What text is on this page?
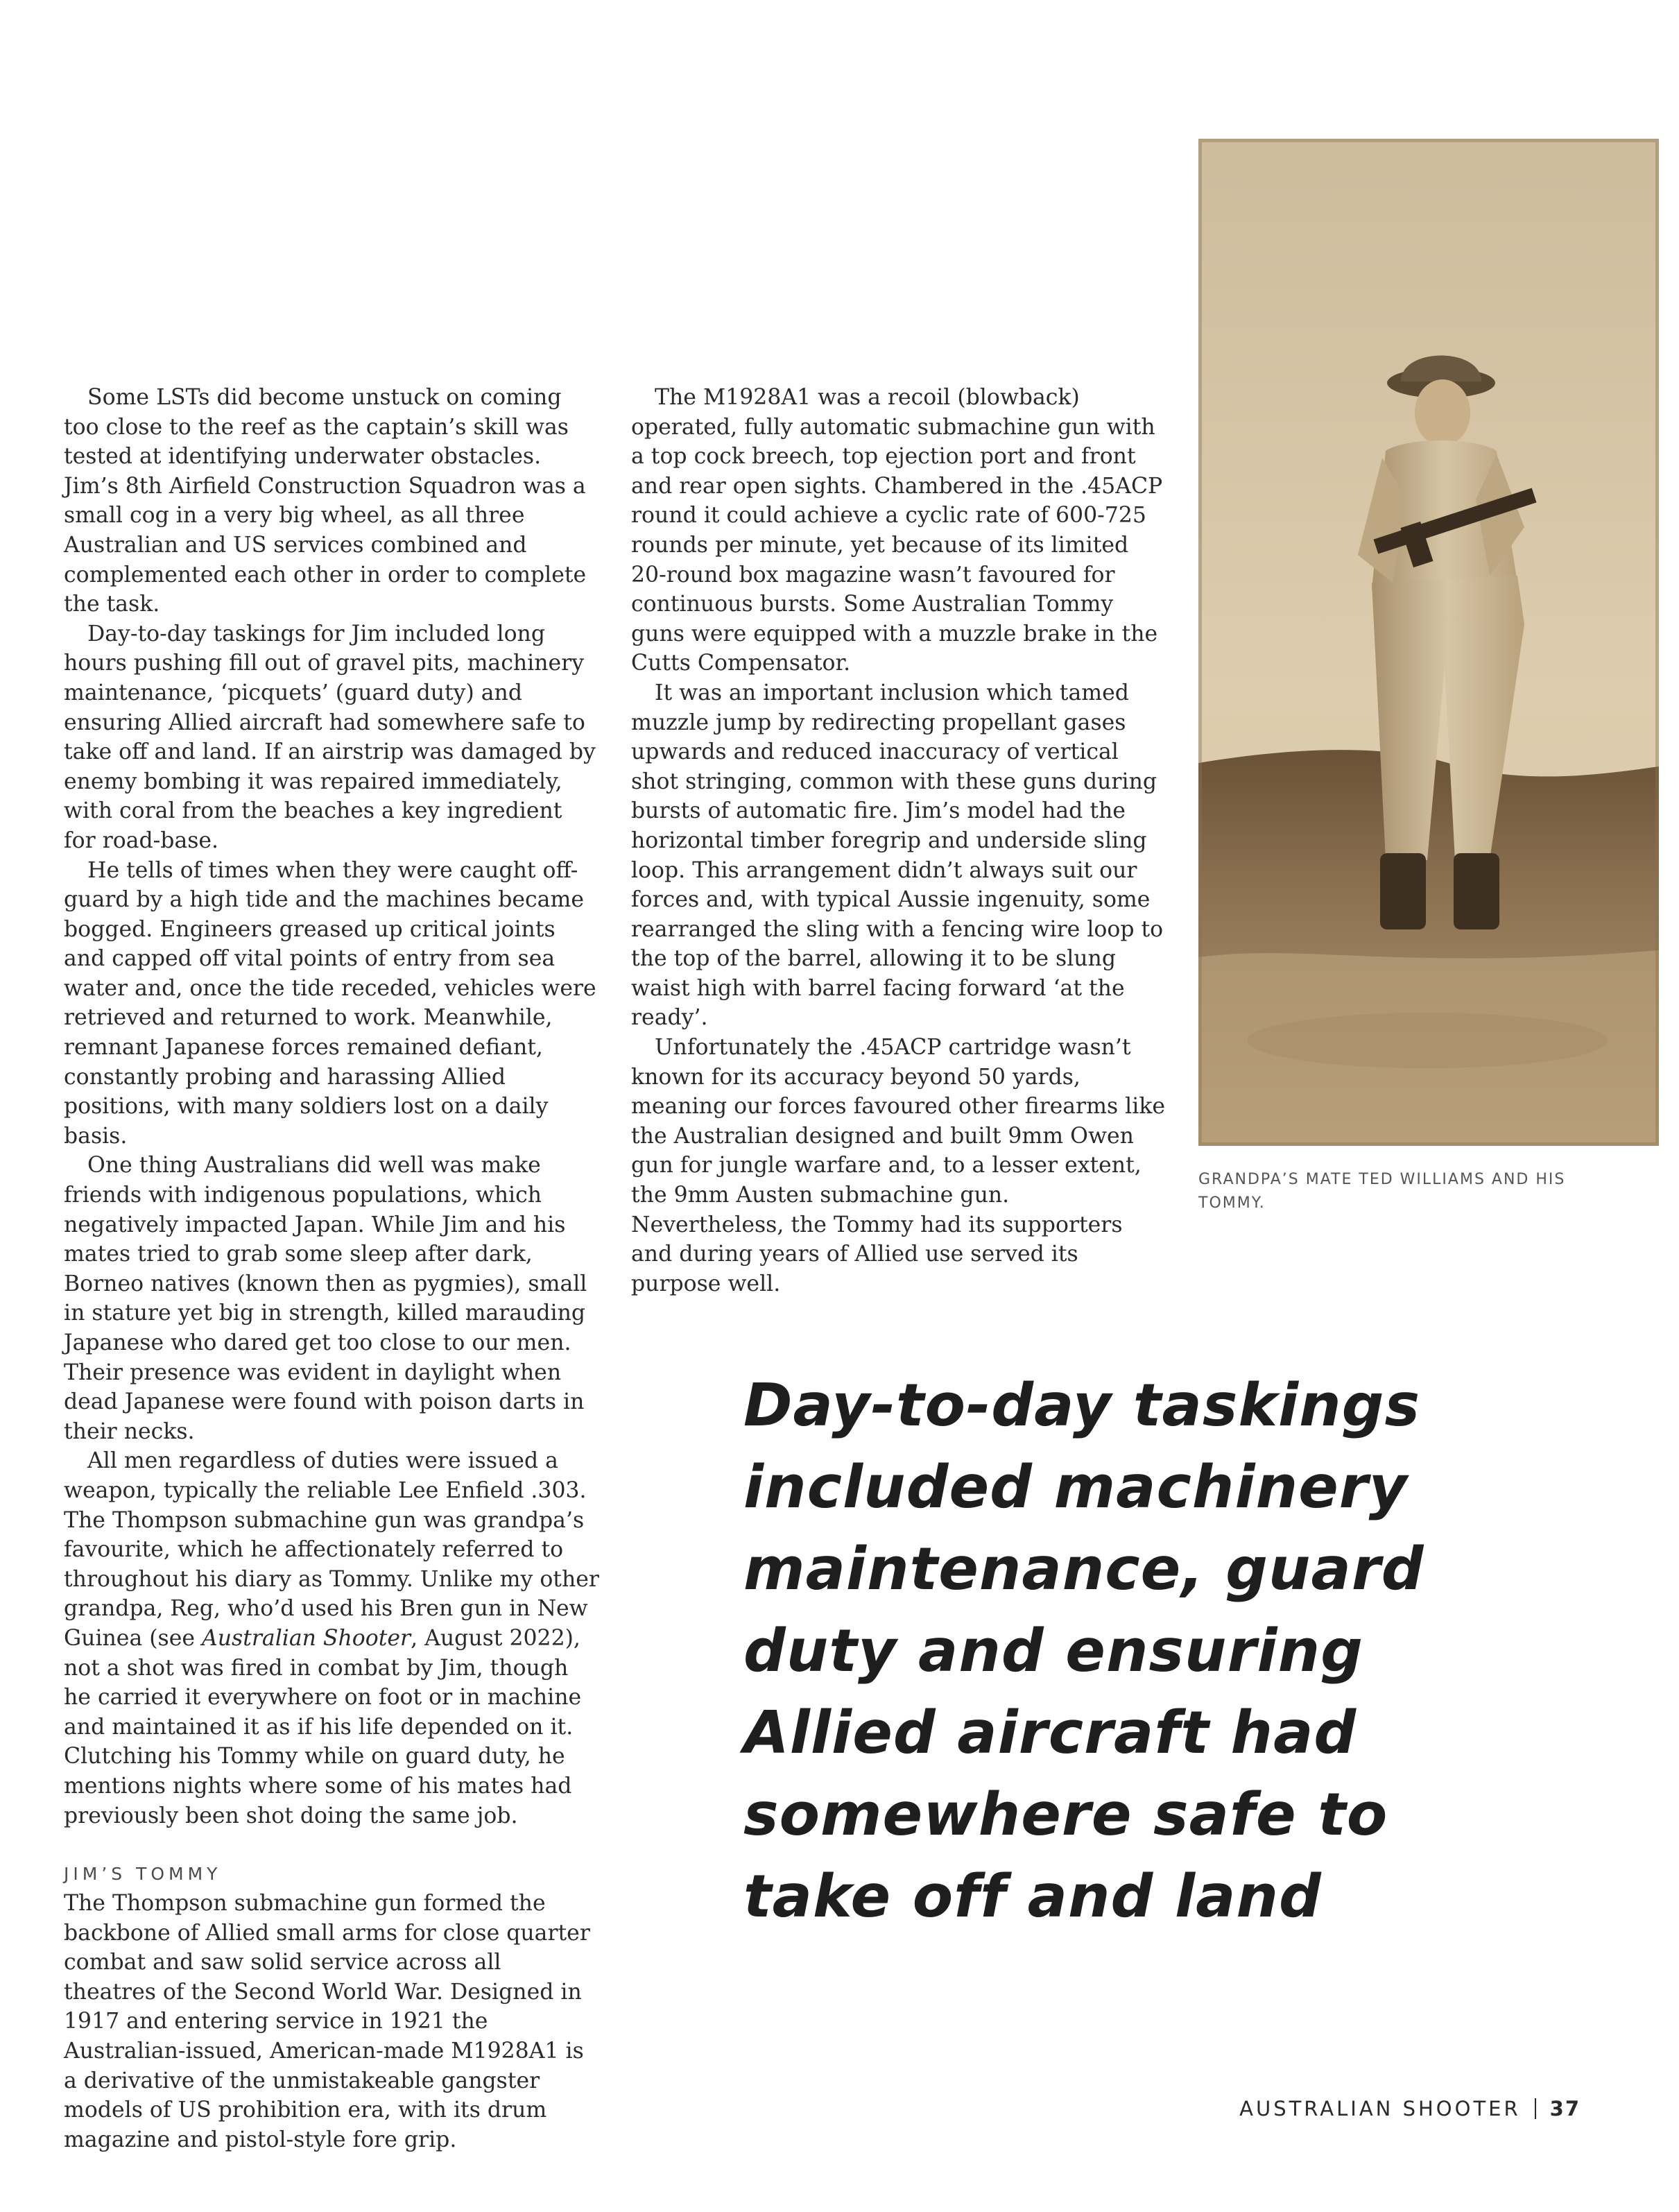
Some LSTs did become unstuck on coming too close to the reef as the captain’s skill was tested at identifying underwater obstacles. Jim’s 8th Airfield Construction Squadron was a small cog in a very big wheel, as all three Australian and US services combined and complemented each other in order to complete the task.

Day-to-day taskings for Jim included long hours pushing fill out of gravel pits, machinery maintenance, ‘picquets’ (guard duty) and ensuring Allied aircraft had somewhere safe to take off and land. If an airstrip was damaged by enemy bombing it was repaired immediately, with coral from the beaches a key ingredient for road-base.

He tells of times when they were caught off-guard by a high tide and the machines became bogged. Engineers greased up critical joints and capped off vital points of entry from sea water and, once the tide receded, vehicles were retrieved and returned to work. Meanwhile, remnant Japanese forces remained defiant, constantly probing and harassing Allied positions, with many soldiers lost on a daily basis.

One thing Australians did well was make friends with indigenous populations, which negatively impacted Japan. While Jim and his mates tried to grab some sleep after dark, Borneo natives (known then as pygmies), small in stature yet big in strength, killed marauding Japanese who dared get too close to our men. Their presence was evident in daylight when dead Japanese were found with poison darts in their necks.

All men regardless of duties were issued a weapon, typically the reliable Lee Enfield .303. The Thompson submachine gun was grandpa’s favourite, which he affectionately referred to throughout his diary as Tommy. Unlike my other grandpa, Reg, who’d used his Bren gun in New Guinea (see Australian Shooter, August 2022), not a shot was fired in combat by Jim, though he carried it everywhere on foot or in machine and maintained it as if his life depended on it. Clutching his Tommy while on guard duty, he mentions nights where some of his mates had previously been shot doing the same job.

JIM’S TOMMY

The Thompson submachine gun formed the backbone of Allied small arms for close quarter combat and saw solid service across all theatres of the Second World War. Designed in 1917 and entering service in 1921 the Australian-issued, American-made M1928A1 is a derivative of the unmistakeable gangster models of US prohibition era, with its drum magazine and pistol-style fore grip.

The M1928A1 was a recoil (blowback) operated, fully automatic submachine gun with a top cock breech, top ejection port and front and rear open sights. Chambered in the .45ACP round it could achieve a cyclic rate of 600-725 rounds per minute, yet because of its limited 20-round box magazine wasn’t favoured for continuous bursts. Some Australian Tommy guns were equipped with a muzzle brake in the Cutts Compensator.

It was an important inclusion which tamed muzzle jump by redirecting propellant gases upwards and reduced inaccuracy of vertical shot stringing, common with these guns during bursts of automatic fire. Jim’s model had the horizontal timber foregrip and underside sling loop. This arrangement didn’t always suit our forces and, with typical Aussie ingenuity, some rearranged the sling with a fencing wire loop to the top of the barrel, allowing it to be slung waist high with barrel facing forward ‘at the ready’.

Unfortunately the .45ACP cartridge wasn’t known for its accuracy beyond 50 yards, meaning our forces favoured other firearms like the Australian designed and built 9mm Owen gun for jungle warfare and, to a lesser extent, the 9mm Austen submachine gun. Nevertheless, the Tommy had its supporters and during years of Allied use served its purpose well.

GRANDPA’S MATE TED WILLIAMS AND HIS TOMMY.
Day-to-day taskings included machinery maintenance, guard duty and ensuring Allied aircraft had somewhere safe to take off and land
AUSTRALIAN SHOOTER 37
